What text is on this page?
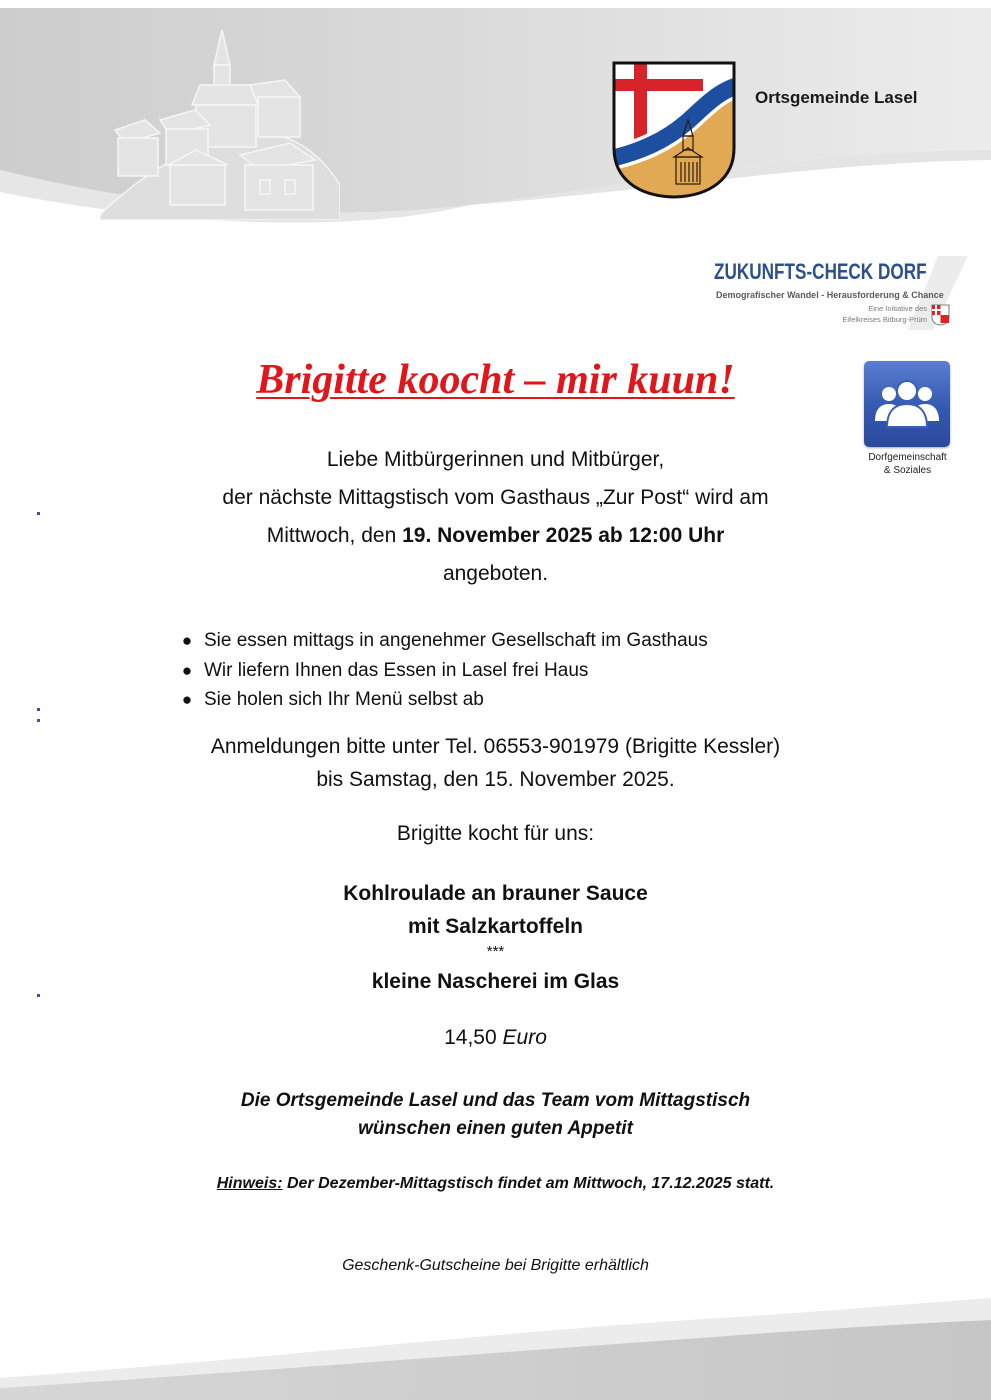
Ortsgemeinde Lasel
ZUKUNFTS-CHECK DORF
Demografischer Wandel - Herausforderung & Chance
Eine Initiative des
Eifelkreises Bitburg-Prüm
Dorfgemeinschaft
& Soziales
Brigitte koocht – mir kuun!
Liebe Mitbürgerinnen und Mitbürger,
der nächste Mittagstisch vom Gasthaus „Zur Post“ wird am
Mittwoch, den 19. November 2025 ab 12:00 Uhr
angeboten.
● Sie essen mittags in angenehmer Gesellschaft im Gasthaus
● Wir liefern Ihnen das Essen in Lasel frei Haus
● Sie holen sich Ihr Menü selbst ab
Anmeldungen bitte unter Tel. 06553-901979 (Brigitte Kessler)
bis Samstag, den 15. November 2025.
Brigitte kocht für uns:
Kohlroulade an brauner Sauce
mit Salzkartoffeln
***
kleine Nascherei im Glas
14,50 Euro
Die Ortsgemeinde Lasel und das Team vom Mittagstisch
wünschen einen guten Appetit
Hinweis: Der Dezember-Mittagstisch findet am Mittwoch, 17.12.2025 statt.
Geschenk-Gutscheine bei Brigitte erhältlich
